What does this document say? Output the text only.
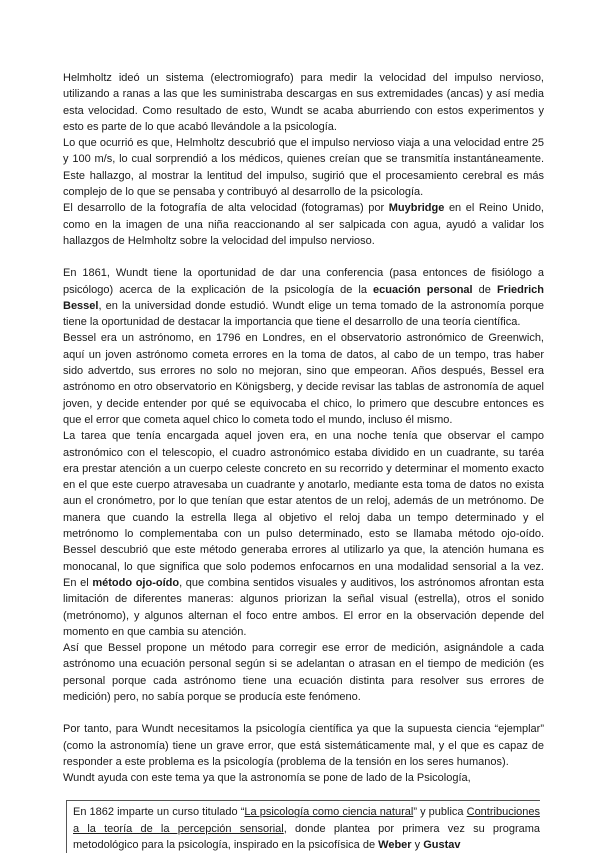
Helmholtz ideó un sistema (electromiografo) para medir la velocidad del impulso nervioso, utilizando a ranas a las que les suministraba descargas en sus extremidades (ancas) y así media esta velocidad. Como resultado de esto, Wundt se acaba aburriendo con estos experimentos y esto es parte de lo que acabó llevándole a la psicología.

Lo que ocurrió es que, Helmholtz descubrió que el impulso nervioso viaja a una velocidad entre 25 y 100 m/s, lo cual sorprendió a los médicos, quienes creían que se transmitía instantáneamente. Este hallazgo, al mostrar la lentitud del impulso, sugirió que el procesamiento cerebral es más complejo de lo que se pensaba y contribuyó al desarrollo de la psicología.

El desarrollo de la fotografía de alta velocidad (fotogramas) por Muybridge en el Reino Unido, como en la imagen de una niña reaccionando al ser salpicada con agua, ayudó a validar los hallazgos de Helmholtz sobre la velocidad del impulso nervioso.

En 1861, Wundt tiene la oportunidad de dar una conferencia (pasa entonces de fisiólogo a psicólogo) acerca de la explicación de la psicología de la ecuación personal de Friedrich Bessel, en la universidad donde estudió. Wundt elige un tema tomado de la astronomía porque tiene la oportunidad de destacar la importancia que tiene el desarrollo de una teoría científica.

Bessel era un astrónomo, en 1796 en Londres, en el observatorio astronómico de Greenwich, aquí un joven astrónomo cometa errores en la toma de datos, al cabo de un tempo, tras haber sido advertdo, sus errores no solo no mejoran, sino que empeoran. Años después, Bessel era astrónomo en otro observatorio en Königsberg, y decide revisar las tablas de astronomía de aquel joven, y decide entender por qué se equivocaba el chico, lo primero que descubre entonces es que el error que cometa aquel chico lo cometa todo el mundo, incluso él mismo.

La tarea que tenía encargada aquel joven era, en una noche tenía que observar el campo astronómico con el telescopio, el cuadro astronómico estaba dividido en un cuadrante, su taréa era prestar atención a un cuerpo celeste concreto en su recorrido y determinar el momento exacto en el que este cuerpo atravesaba un cuadrante y anotarlo, mediante esta toma de datos no exista aun el cronómetro, por lo que tenían que estar atentos de un reloj, además de un metrónomo. De manera que cuando la estrella llega al objetivo el reloj daba un tempo determinado y el metrónomo lo complementaba con un pulso determinado, esto se llamaba método ojo-oído. Bessel descubrió que este método generaba errores al utilizarlo ya que, la atención humana es monocanal, lo que significa que solo podemos enfocarnos en una modalidad sensorial a la vez. En el método ojo-oído, que combina sentidos visuales y auditivos, los astrónomos afrontan esta limitación de diferentes maneras: algunos priorizan la señal visual (estrella), otros el sonido (metrónomo), y algunos alternan el foco entre ambos. El error en la observación depende del momento en que cambia su atención.

Así que Bessel propone un método para corregir ese error de medición, asignándole a cada astrónomo una ecuación personal según si se adelantan o atrasan en el tiempo de medición (es personal porque cada astrónomo tiene una ecuación distinta para resolver sus errores de medición) pero, no sabía porque se producía este fenómeno.

Por tanto, para Wundt necesitamos la psicología científica ya que la supuesta ciencia “ejemplar” (como la astronomía) tiene un grave error, que está sistemáticamente mal, y el que es capaz de responder a este problema es la psicología (problema de la tensión en los seres humanos).

Wundt ayuda con este tema ya que la astronomía se pone de lado de la Psicología,

En 1862 imparte un curso titulado “La psicología como ciencia natural” y publica Contribuciones a la teoría de la percepción sensorial, donde plantea por primera vez su programa metodológico para la psicología, inspirado en la psicofísica de Weber y Gustav
